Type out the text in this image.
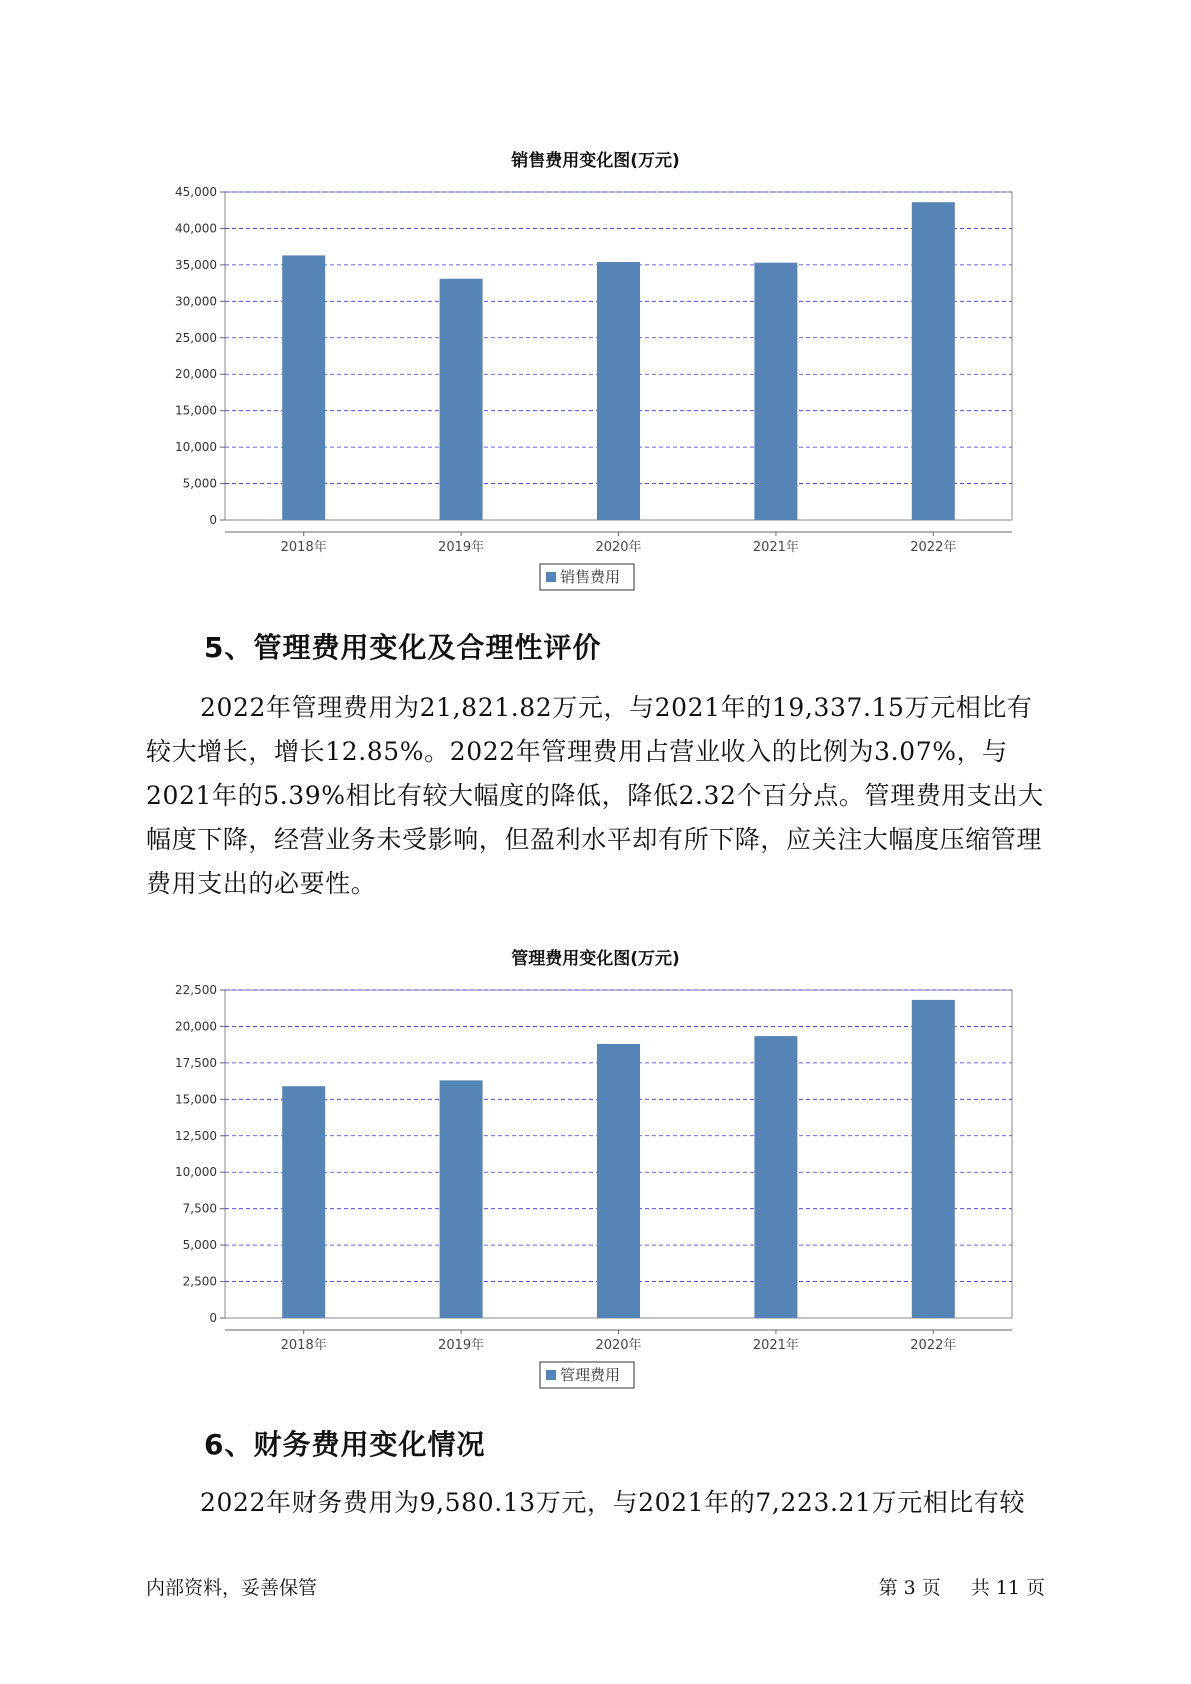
销售费用变化图(万元)
0
5,000
10,000
15,000
20,000
25,000
30,000
35,000
40,000
45,000
2018年	2019年	2020年	2021年	2022年
销售费用
5、管理费用变化及合理性评价

2022年管理费用为21,821.82万元，与2021年的19,337.15万元相比有较大增长，增长12.85%。2022年管理费用占营业收入的比例为3.07%，与2021年的5.39%相比有较大幅度的降低，降低2.32个百分点。管理费用支出大幅度下降，经营业务未受影响，但盈利水平却有所下降，应关注大幅度压缩管理费用支出的必要性。

管理费用变化图(万元)
0
2,500
5,000
7,500
10,000
12,500
15,000
17,500
20,000
22,500
2018年	2019年	2020年	2021年	2022年
管理费用
6、财务费用变化情况

2022年财务费用为9,580.13万元，与2021年的7,223.21万元相比有较

内部资料，妥善保管	第 3 页 共 11 页
